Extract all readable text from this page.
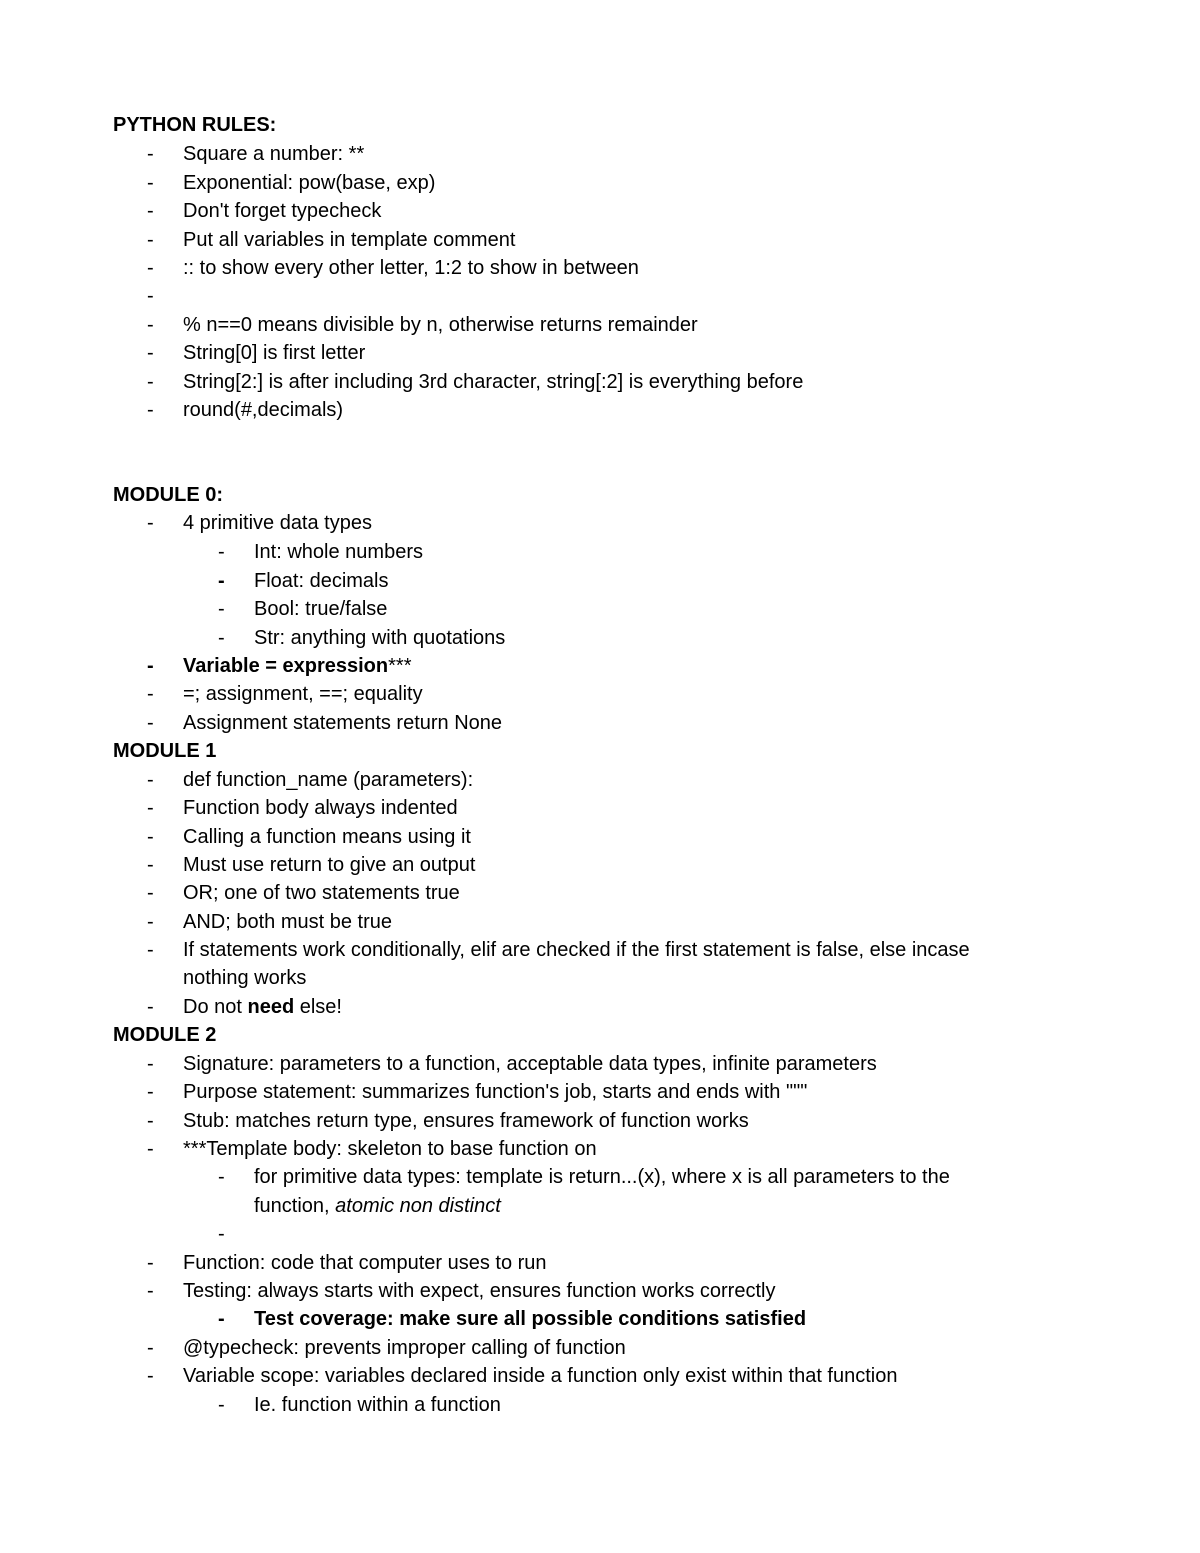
PYTHON RULES:
- Square a number: **
- Exponential: pow(base, exp)
- Don't forget typecheck
- Put all variables in template comment
- :: to show every other letter, 1:2 to show in between
-
- % n==0 means divisible by n, otherwise returns remainder
- String[0] is first letter
- String[2:] is after including 3rd character, string[:2] is everything before
- round(#,decimals)
MODULE 0:
- 4 primitive data types
- Int: whole numbers
- Float: decimals
- Bool: true/false
- Str: anything with quotations
- Variable = expression***
- =; assignment, ==; equality
- Assignment statements return None
MODULE 1
- def function_name (parameters):
- Function body always indented
- Calling a function means using it
- Must use return to give an output
- OR; one of two statements true
- AND; both must be true
- If statements work conditionally, elif are checked if the first statement is false, else incase
nothing works
- Do not need else!
MODULE 2
- Signature: parameters to a function, acceptable data types, infinite parameters
- Purpose statement: summarizes function's job, starts and ends with """
- Stub: matches return type, ensures framework of function works
- ***Template body: skeleton to base function on
- for primitive data types: template is return...(x), where x is all parameters to the
function, atomic non distinct
-
- Function: code that computer uses to run
- Testing: always starts with expect, ensures function works correctly
- Test coverage: make sure all possible conditions satisfied
- @typecheck: prevents improper calling of function
- Variable scope: variables declared inside a function only exist within that function
- Ie. function within a function
